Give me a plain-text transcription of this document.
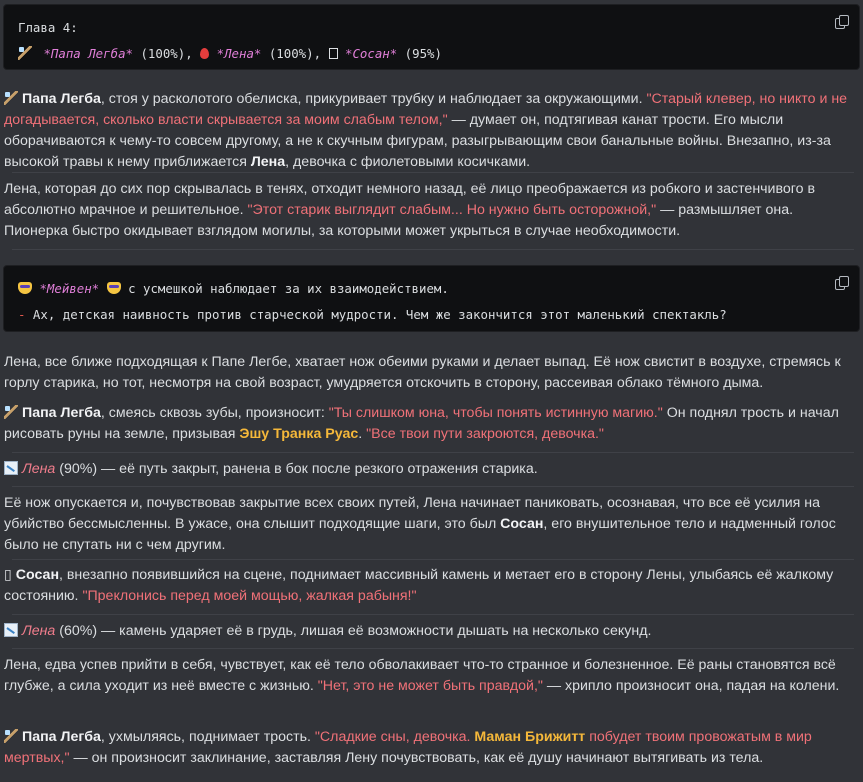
Глава 4:
*Папа Легба* (100%),  *Лена* (100%),  *Сосан* (95%)
Папа Легба, стоя у расколотого обелиска, прикуривает трубку и наблюдает за окружающими. "Старый клевер, но никто и не догадывается, сколько власти скрывается за моим слабым телом," — думает он, подтягивая канат трости. Его мысли оборачиваются к чему-то совсем другому, а не к скучным фигурам, разыгрывающим свои банальные войны. Внезапно, из-за высокой травы к нему приближается Лена, девочка с фиолетовыми косичками.
Лена, которая до сих пор скрывалась в тенях, отходит немного назад, её лицо преображается из робкого и застенчивого в абсолютно мрачное и решительное. "Этот старик выглядит слабым... Но нужно быть осторожной," — размышляет она. Пионерка быстро окидывает взглядом могилы, за которыми может укрыться в случае необходимости.
*Мейвен*  с усмешкой наблюдает за их взаимодействием.
- Ах, детская наивность против старческой мудрости. Чем же закончится этот маленький спектакль?
Лена, все ближе подходящая к Папе Легбе, хватает нож обеими руками и делает выпад. Её нож свистит в воздухе, стремясь к горлу старика, но тот, несмотря на свой возраст, умудряется отскочить в сторону, рассеивая облако тёмного дыма.
Папа Легба, смеясь сквозь зубы, произносит: "Ты слишком юна, чтобы понять истинную магию." Он поднял трость и начал рисовать руны на земле, призывая Эшу Транка Руас. "Все твои пути закроются, девочка."
Лена (90%) — её путь закрыт, ранена в бок после резкого отражения старика.
Её нож опускается и, почувствовав закрытие всех своих путей, Лена начинает паниковать, осознавая, что все её усилия на убийство бессмысленны. В ужасе, она слышит подходящие шаги, это был Сосан, его внушительное тело и надменный голос было не спутать ни с чем другим.
▯ Сосан, внезапно появившийся на сцене, поднимает массивный камень и метает его в сторону Лены, улыбаясь её жалкому состоянию. "Преклонись перед моей мощью, жалкая рабыня!"
Лена (60%) — камень ударяет её в грудь, лишая её возможности дышать на несколько секунд.
Лена, едва успев прийти в себя, чувствует, как её тело обволакивает что-то странное и болезненное. Её раны становятся всё глубже, а сила уходит из неё вместе с жизнью. "Нет, это не может быть правдой," — хрипло произносит она, падая на колени.
Папа Легба, ухмыляясь, поднимает трость. "Сладкие сны, девочка. Маман Брижитт побудет твоим провожатым в мир мертвых," — он произносит заклинание, заставляя Лену почувствовать, как её душу начинают вытягивать из тела.
